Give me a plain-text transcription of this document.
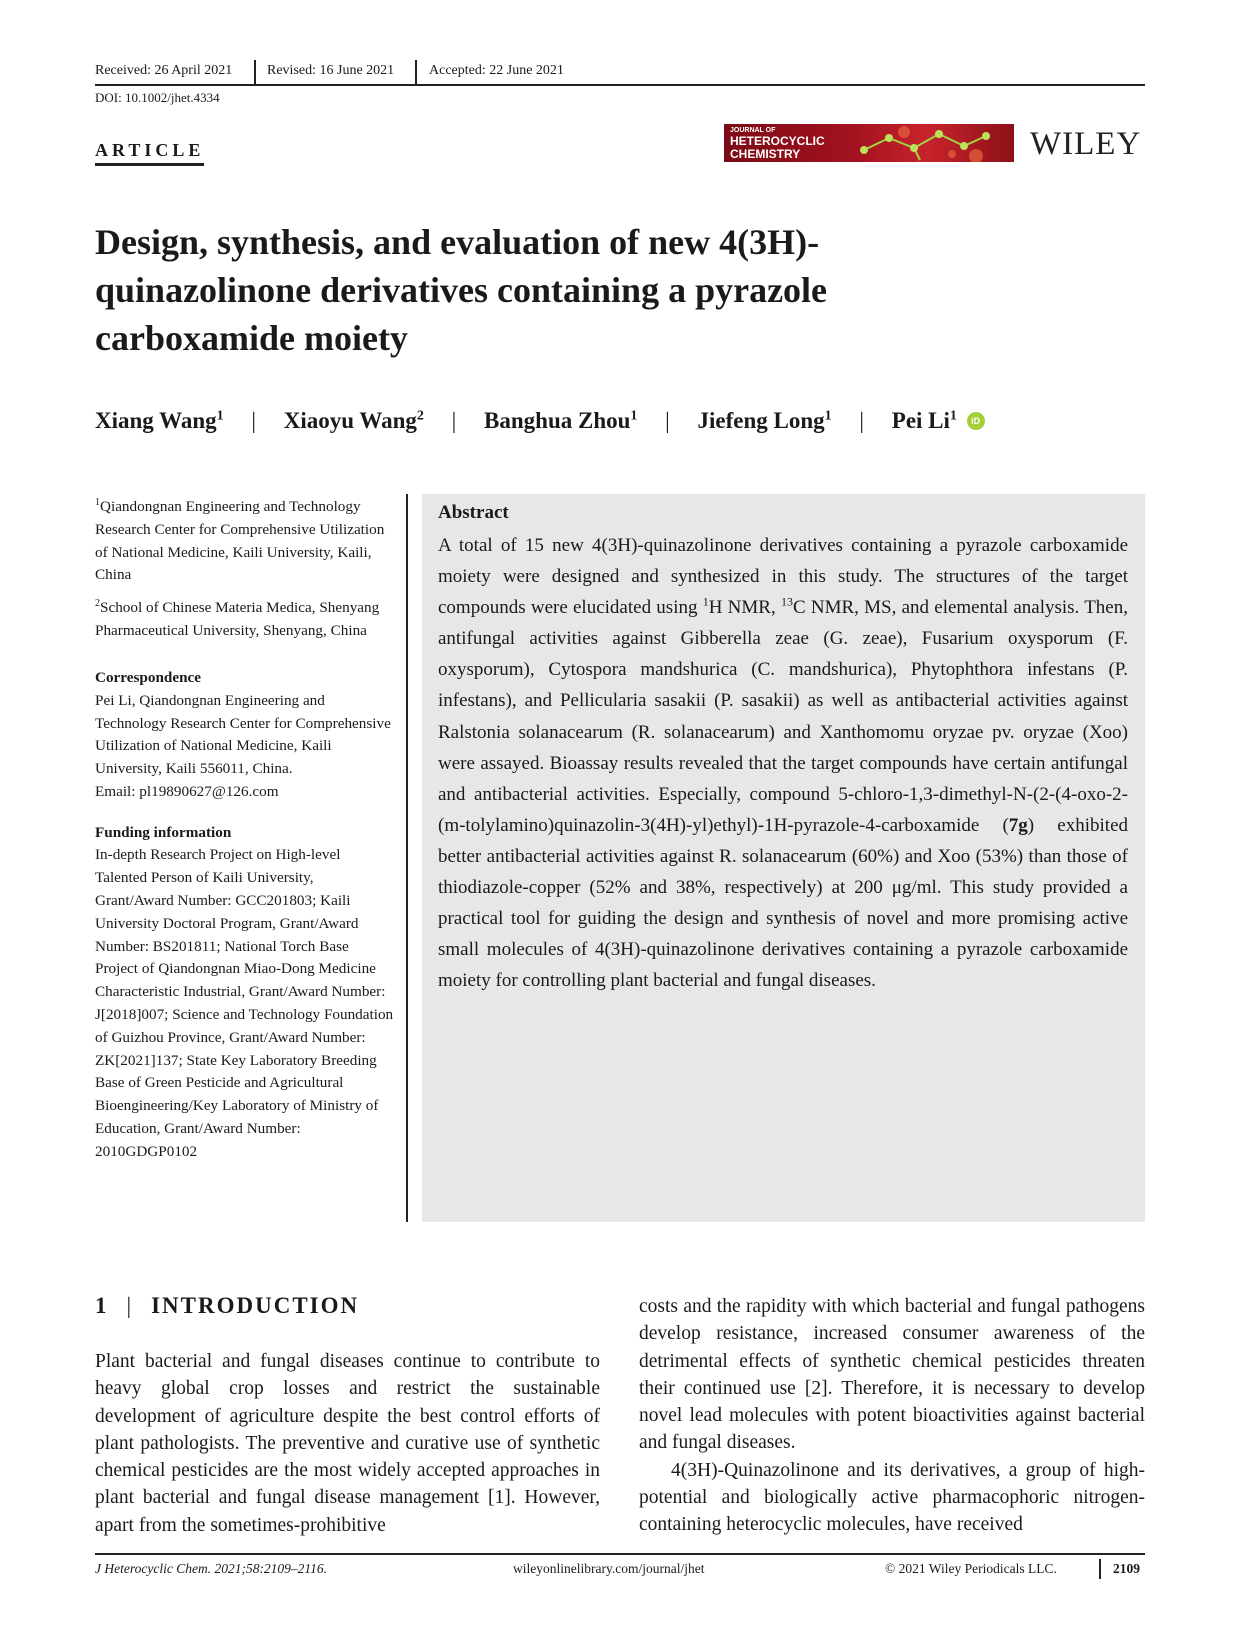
Received: 26 April 2021 Revised: 16 June 2021 Accepted: 22 June 2021
DOI: 10.1002/jhet.4334
ARTICLE
JOURNAL OF
HETEROCYCLIC
CHEMISTRY	WILEY
Design, synthesis, and evaluation of new 4(3H)-quinazolinone derivatives containing a pyrazole carboxamide moiety
Xiang Wang$^1$ | Xiaoyu Wang$^2$ | Banghua Zhou$^1$ | Jiefeng Long$^1$ | Pei Li$^1$ iD

$^1$Qiandongnan Engineering and Technology Research Center for Comprehensive Utilization of National Medicine, Kaili University, Kaili, China

$^2$School of Chinese Materia Medica, Shenyang Pharmaceutical University, Shenyang, China

Correspondence

Pei Li, Qiandongnan Engineering and Technology Research Center for Comprehensive Utilization of National Medicine, Kaili University, Kaili 556011, China.

Email: pl19890627@126.com

Funding information

In-depth Research Project on High-level Talented Person of Kaili University, Grant/Award Number: GCC201803; Kaili University Doctoral Program, Grant/Award Number: BS201811; National Torch Base Project of Qiandongnan Miao-Dong Medicine Characteristic Industrial, Grant/Award Number: J[2018]007; Science and Technology Foundation of Guizhou Province, Grant/Award Number: ZK[2021]137; State Key Laboratory Breeding Base of Green Pesticide and Agricultural Bioengineering/Key Laboratory of Ministry of Education, Grant/Award Number: 2010GDGP0102

Abstract

A total of 15 new 4(3H)-quinazolinone derivatives containing a pyrazole carboxamide moiety were designed and synthesized in this study. The structures of the target compounds were elucidated using $^1$H NMR, $^{13}$C NMR, MS, and elemental analysis. Then, antifungal activities against Gibberella zeae (G. zeae), Fusarium oxysporum (F. oxysporum), Cytospora mandshurica (C. mandshurica), Phytophthora infestans (P. infestans), and Pellicularia sasakii (P. sasakii) as well as antibacterial activities against Ralstonia solanacearum (R. solanacearum) and Xanthomomu oryzae pv. oryzae (Xoo) were assayed. Bioassay results revealed that the target compounds have certain antifungal and antibacterial activities. Especially, compound 5-chloro-1,3-dimethyl-N-(2-(4-oxo-2-(m-tolylamino)quinazolin-3(4H)-yl)ethyl)-1H-pyrazole-4-carboxamide (7g) exhibited better antibacterial activities against R. solanacearum (60%) and Xoo (53%) than those of thiodiazole-copper (52% and 38%, respectively) at 200 μg/ml. This study provided a practical tool for guiding the design and synthesis of novel and more promising active small molecules of 4(3H)-quinazolinone derivatives containing a pyrazole carboxamide moiety for controlling plant bacterial and fungal diseases.

1 | INTRODUCTION

Plant bacterial and fungal diseases continue to contribute to heavy global crop losses and restrict the sustainable development of agriculture despite the best control efforts of plant pathologists. The preventive and curative use of synthetic chemical pesticides are the most widely accepted approaches in plant bacterial and fungal disease management [1]. However, apart from the sometimes-prohibitive

costs and the rapidity with which bacterial and fungal pathogens develop resistance, increased consumer awareness of the detrimental effects of synthetic chemical pesticides threaten their continued use [2]. Therefore, it is necessary to develop novel lead molecules with potent bioactivities against bacterial and fungal diseases.

4(3H)-Quinazolinone and its derivatives, a group of high-potential and biologically active pharmacophoric nitrogen-containing heterocyclic molecules, have received

J Heterocyclic Chem. 2021;58:2109–2116.	wileyonlinelibrary.com/journal/jhet	© 2021 Wiley Periodicals LLC.	2109
